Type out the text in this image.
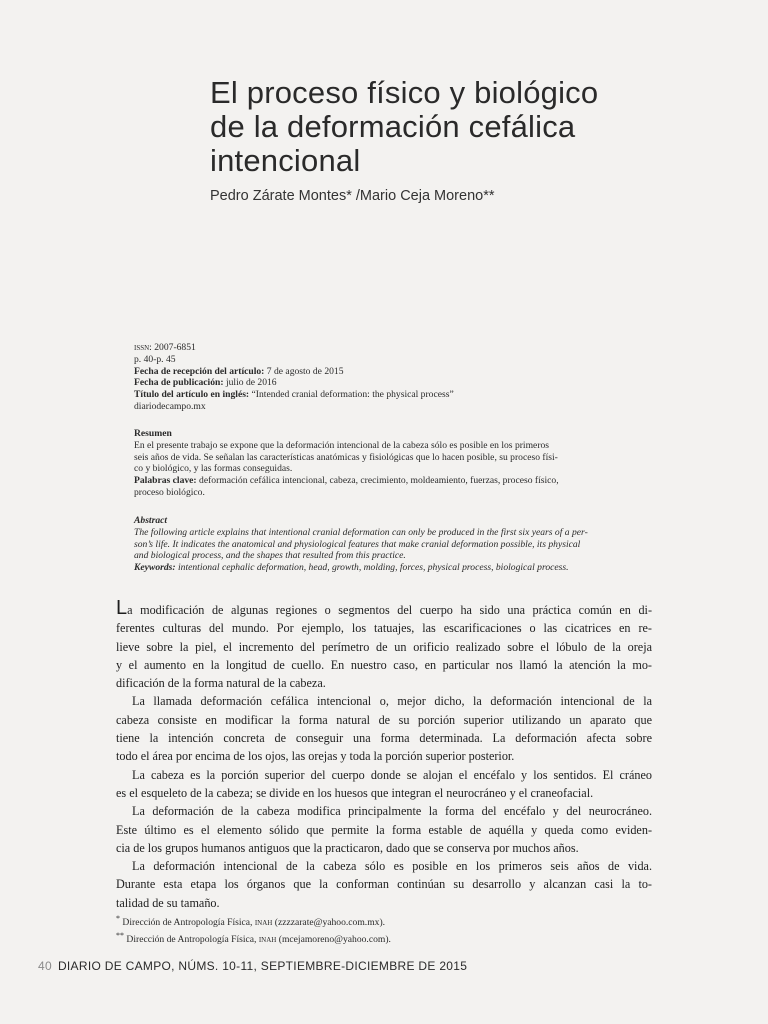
El proceso físico y biológico
de la deformación cefálica
intencional
Pedro Zárate Montes* /Mario Ceja Moreno**
issn: 2007-6851
p. 40-p. 45
Fecha de recepción del artículo: 7 de agosto de 2015
Fecha de publicación: julio de 2016
Título del artículo en inglés: “Intended cranial deformation: the physical process”
diariodecampo.mx
Resumen
En el presente trabajo se expone que la deformación intencional de la cabeza sólo es posible en los primeros
seis años de vida. Se señalan las características anatómicas y fisiológicas que lo hacen posible, su proceso físi-
co y biológico, y las formas conseguidas.
Palabras clave: deformación cefálica intencional, cabeza, crecimiento, moldeamiento, fuerzas, proceso físico,
proceso biológico.
Abstract
The following article explains that intentional cranial deformation can only be produced in the first six years of a per-
son’s life. It indicates the anatomical and physiological features that make cranial deformation possible, its physical
and biological process, and the shapes that resulted from this practice.
Keywords: intentional cephalic deformation, head, growth, molding, forces, physical process, biological process.
La modificación de algunas regiones o segmentos del cuerpo ha sido una práctica común en di-
ferentes culturas del mundo. Por ejemplo, los tatuajes, las escarificaciones o las cicatrices en re-
lieve sobre la piel, el incremento del perímetro de un orificio realizado sobre el lóbulo de la oreja
y el aumento en la longitud de cuello. En nuestro caso, en particular nos llamó la atención la mo-
dificación de la forma natural de la cabeza.
La llamada deformación cefálica intencional o, mejor dicho, la deformación intencional de la
cabeza consiste en modificar la forma natural de su porción superior utilizando un aparato que
tiene la intención concreta de conseguir una forma determinada. La deformación afecta sobre
todo el área por encima de los ojos, las orejas y toda la porción superior posterior.
La cabeza es la porción superior del cuerpo donde se alojan el encéfalo y los sentidos. El cráneo
es el esqueleto de la cabeza; se divide en los huesos que integran el neurocráneo y el craneofacial.
La deformación de la cabeza modifica principalmente la forma del encéfalo y del neurocráneo.
Este último es el elemento sólido que permite la forma estable de aquélla y queda como eviden-
cia de los grupos humanos antiguos que la practicaron, dado que se conserva por muchos años.
La deformación intencional de la cabeza sólo es posible en los primeros seis años de vida.
Durante esta etapa los órganos que la conforman continúan su desarrollo y alcanzan casi la to-
talidad de su tamaño.
* Dirección de Antropología Física, inah (zzzzarate@yahoo.com.mx).
** Dirección de Antropología Física, inah (mcejamoreno@yahoo.com).
40 DIARIO DE CAMPO, NÚMS. 10-11, SEPTIEMBRE-DICIEMBRE DE 2015
